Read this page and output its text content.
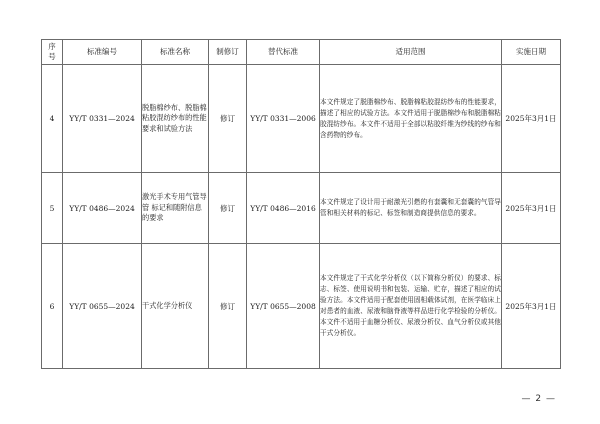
序号	标准编号	标准名称	制修订	替代标准	适用范围	实施日期
4	YY/T 0331—2024	脱脂棉纱布、脱脂棉粘胶混纺纱布的性能要求和试验方法	修订	YY/T 0331—2006	本文件规定了脱脂棉纱布、脱脂棉粘胶混纺纱布的性能要求，描述了相应的试验方法。本文件适用于脱脂棉纱布和脱脂棉粘胶混纺纱布。本文件不适用于全部以粘胶纤维为纱线的纱布和含药物的纱布。	2025年3月1日
5	YY/T 0486—2024	激光手术专用气管导管 标记和随附信息的要求	修订	YY/T 0486—2016	本文件规定了设计用于耐激光引燃的有套囊和无套囊的气管导管和相关材料的标记、标签和制造商提供信息的要求。	2025年3月1日
6	YY/T 0655—2024	干式化学分析仪	修订	YY/T 0655—2008	本文件规定了干式化学分析仪（以下简称分析仪）的要求、标志、标签、使用说明书和包装、运输、贮存，描述了相应的试验方法。本文件适用于配套使用固相载体试剂，在医学临床上对患者的血液、尿液和脑脊液等样品进行化学检验的分析仪。本文件不适用于血糖分析仪、尿液分析仪、血气分析仪或其他干式分析仪。	2025年3月1日
— 2 —
